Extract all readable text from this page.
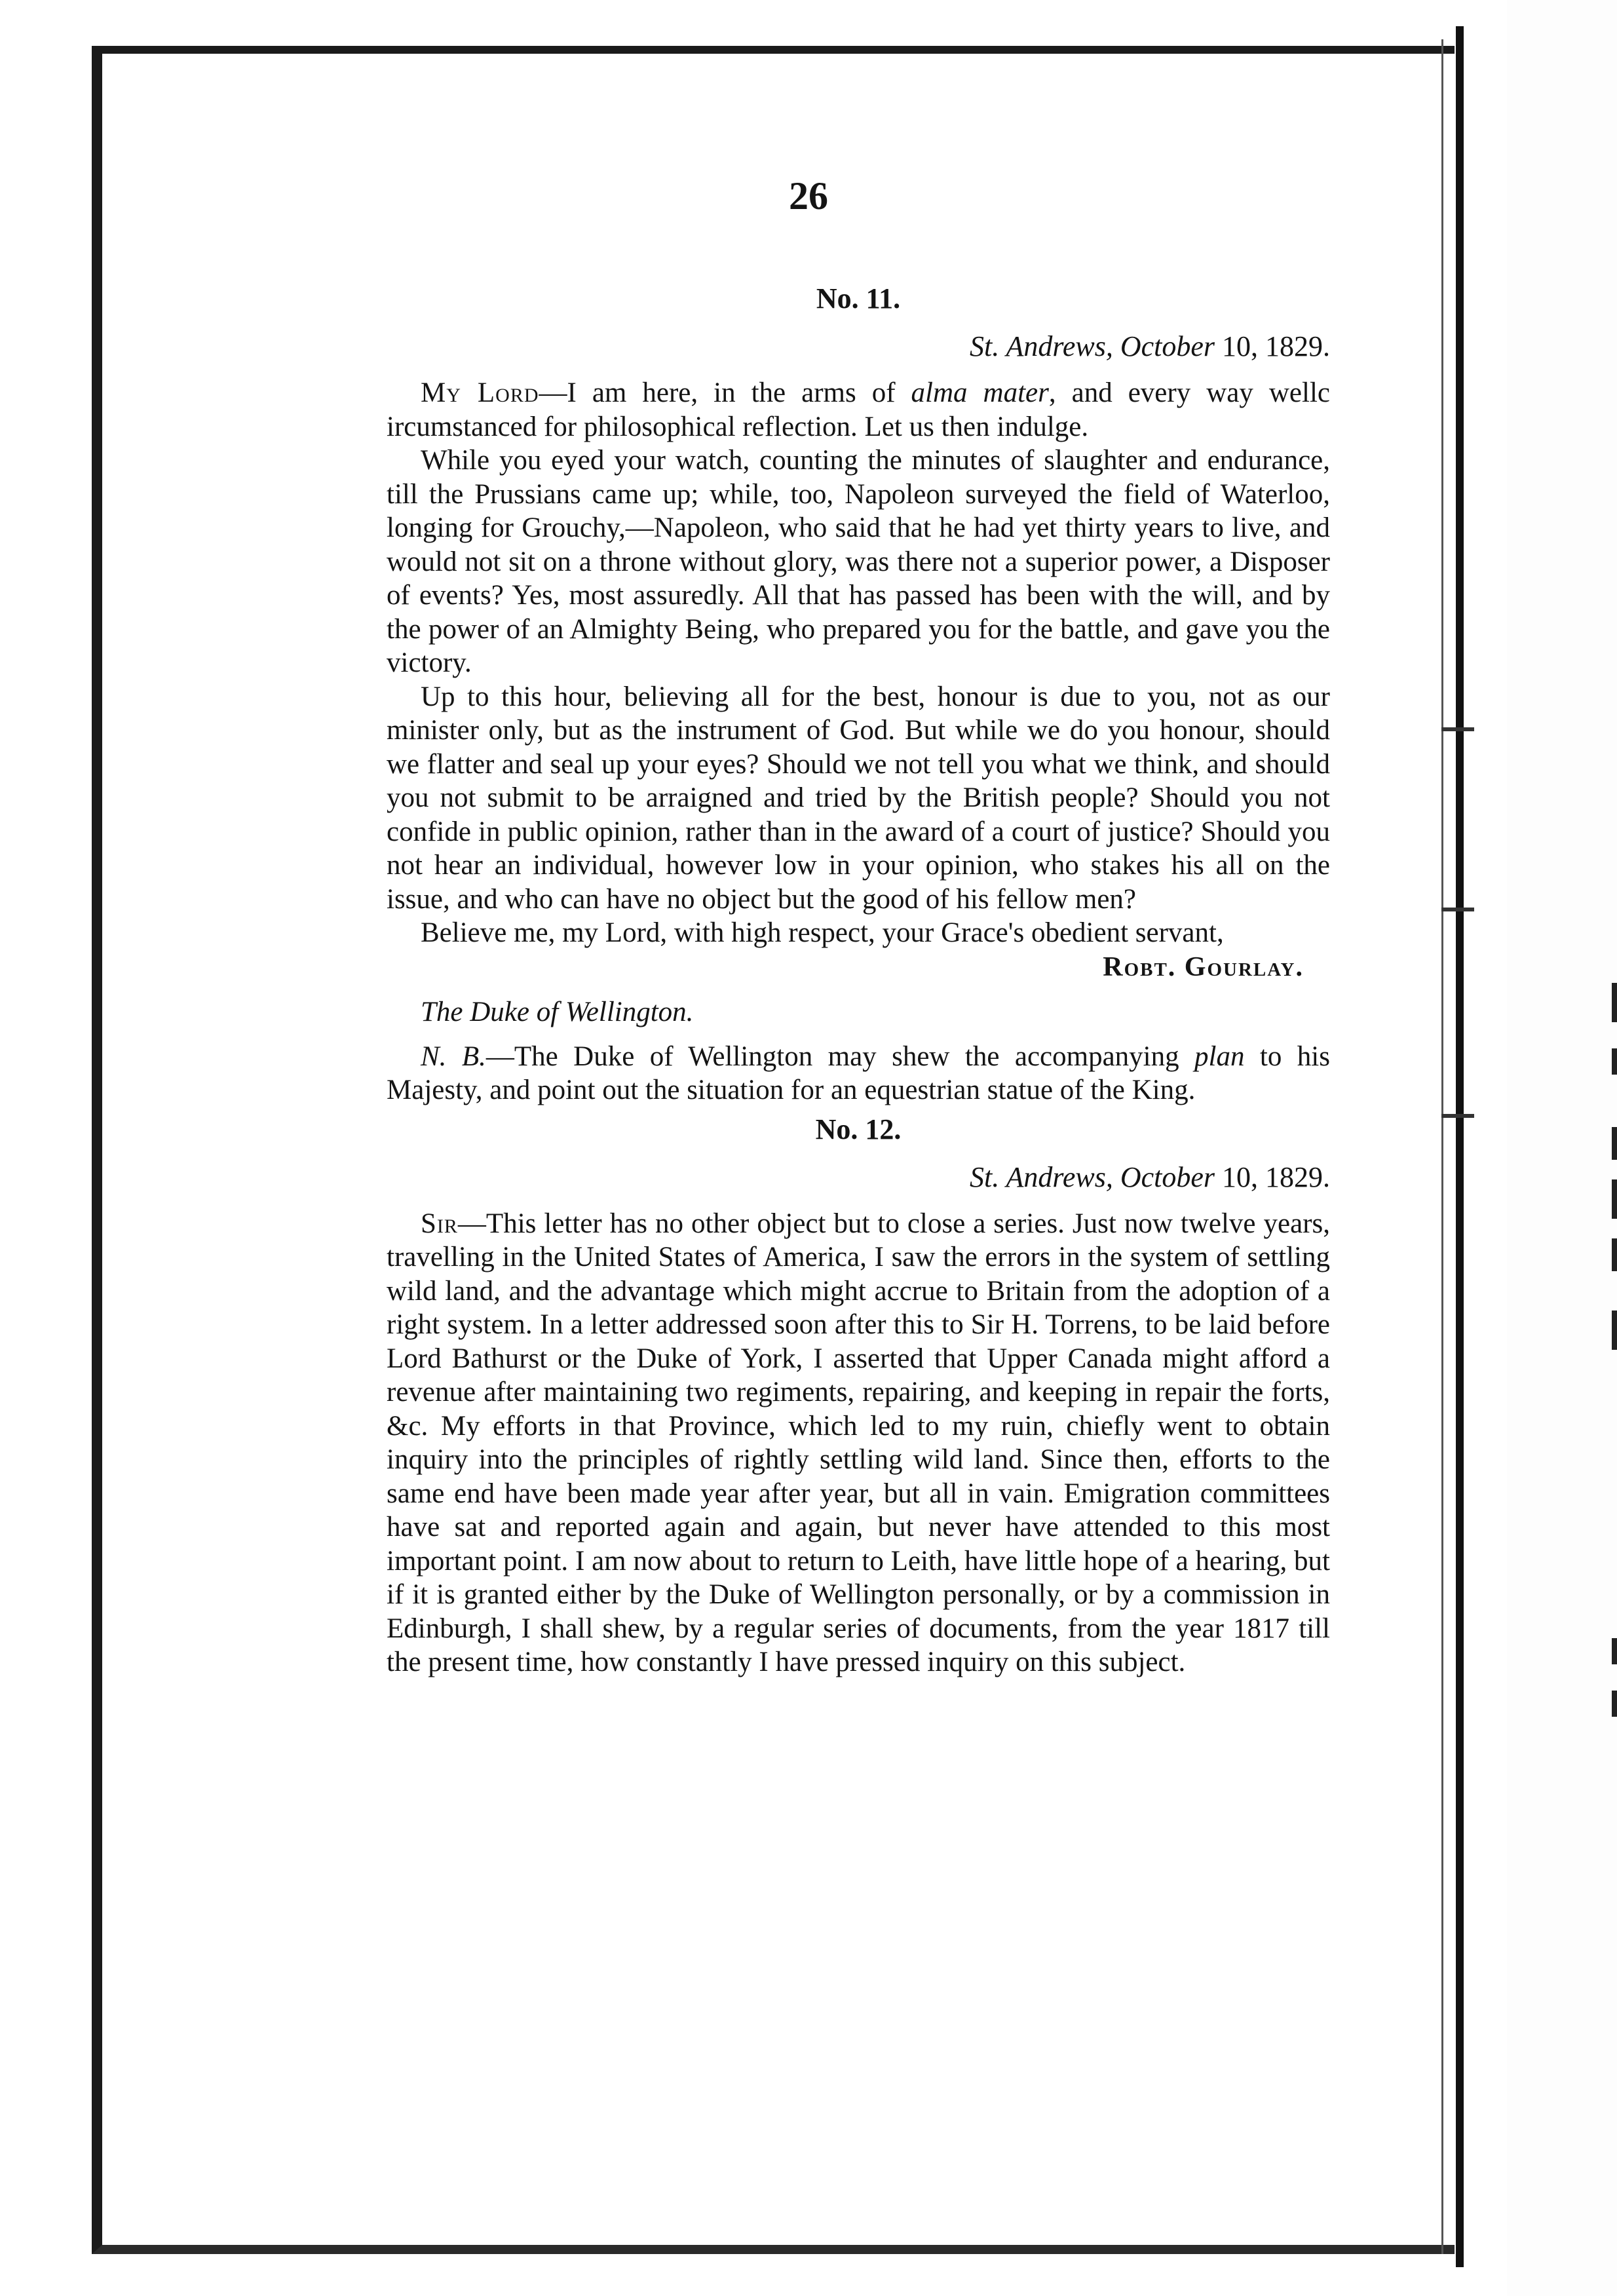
26
No. 11.
St. Andrews, October 10, 1829.

My Lord—I am here, in the arms of alma mater, and every way wellc ircumstanced for philosophical reflection. Let us then indulge.

While you eyed your watch, counting the minutes of slaughter and endurance, till the Prussians came up; while, too, Napoleon surveyed the field of Waterloo, longing for Grouchy,—Napoleon, who said that he had yet thirty years to live, and would not sit on a throne without glory, was there not a superior power, a Disposer of events? Yes, most assuredly. All that has passed has been with the will, and by the power of an Almighty Being, who prepared you for the battle, and gave you the victory.

Up to this hour, believing all for the best, honour is due to you, not as our minister only, but as the instrument of God. But while we do you honour, should we flatter and seal up your eyes? Should we not tell you what we think, and should you not submit to be arraigned and tried by the British people? Should you not confide in public opinion, rather than in the award of a court of justice? Should you not hear an individual, however low in your opinion, who stakes his all on the issue, and who can have no object but the good of his fellow men?

Believe me, my Lord, with high respect, your Grace's obedient servant,

Robt. Gourlay.
The Duke of Wellington.

N. B.—The Duke of Wellington may shew the accompanying plan to his Majesty, and point out the situation for an equestrian statue of the King.

No. 12.
St. Andrews, October 10, 1829.

Sir—This letter has no other object but to close a series. Just now twelve years, travelling in the United States of America, I saw the errors in the system of settling wild land, and the advantage which might accrue to Britain from the adoption of a right system. In a letter addressed soon after this to Sir H. Torrens, to be laid before Lord Bathurst or the Duke of York, I asserted that Upper Canada might afford a revenue after maintaining two regiments, repairing, and keeping in repair the forts, &c. My efforts in that Province, which led to my ruin, chiefly went to obtain inquiry into the principles of rightly settling wild land. Since then, efforts to the same end have been made year after year, but all in vain. Emigration committees have sat and reported again and again, but never have attended to this most important point. I am now about to return to Leith, have little hope of a hearing, but if it is granted either by the Duke of Wellington personally, or by a commission in Edinburgh, I shall shew, by a regular series of documents, from the year 1817 till the present time, how constantly I have pressed inquiry on this subject.
